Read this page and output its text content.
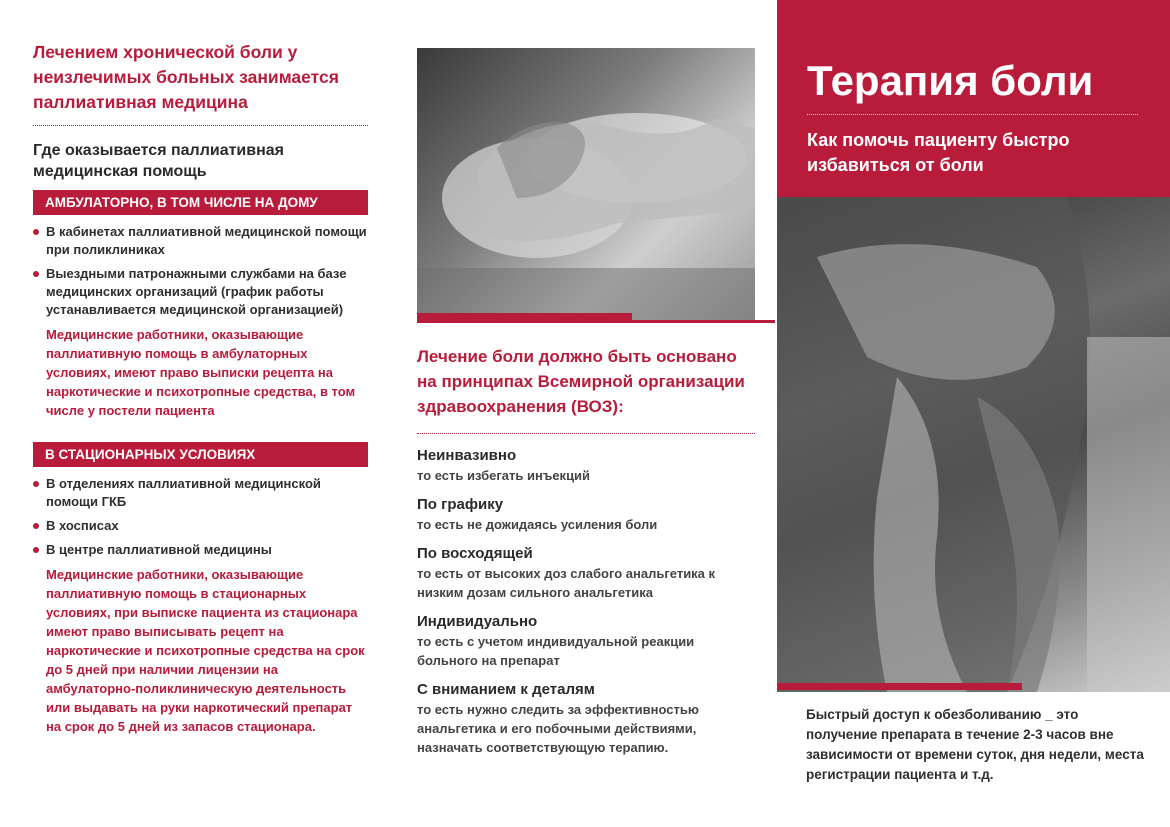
Лечением хронической боли у неизлечимых больных занимается паллиативная медицина

Где оказывается паллиативная медицинская помощь

АМБУЛАТОРНО, В ТОМ ЧИСЛЕ НА ДОМУ
В кабинетах паллиативной медицинской помощи при поликлиниках
Выездными патронажными службами на базе медицинских организаций (график работы устанавливается медицинской организацией)

Медицинские работники, оказывающие паллиативную помощь в амбулаторных условиях, имеют право выписки рецепта на наркотические и психотропные средства, в том числе у постели пациента

В СТАЦИОНАРНЫХ УСЛОВИЯХ
В отделениях паллиативной медицинской помощи ГКБ
В хосписах
В центре паллиативной медицины

Медицинские работники, оказывающие паллиативную помощь в стационарных условиях, при выписке пациента из стационара имеют право выписывать рецепт на наркотические и психотропные средства на срок до 5 дней при наличии лицензии на амбулаторно-поликлиническую деятельность или выдавать на руки наркотический препарат на срок до 5 дней из запасов стационара.

Лечение боли должно быть основано на принципах Всемирной организации здравоохранения (ВОЗ):

Неинвазивно
то есть избегать инъекций
По графику
то есть не дожидаясь усиления боли
По восходящей
то есть от высоких доз слабого анальгетика к низким дозам сильного анальгетика
Индивидуально
то есть с учетом индивидуальной реакции больного на препарат
С вниманием к деталям
то есть нужно следить за эффективностью анальгетика и его побочными действиями, назначать соответствующую терапию.

Терапия боли

Как помочь пациенту быстро избавиться от боли

Быстрый доступ к обезболиванию _ это получение препарата в течение 2-3 часов вне зависимости от времени суток, дня недели, места регистрации пациента и т.д.
